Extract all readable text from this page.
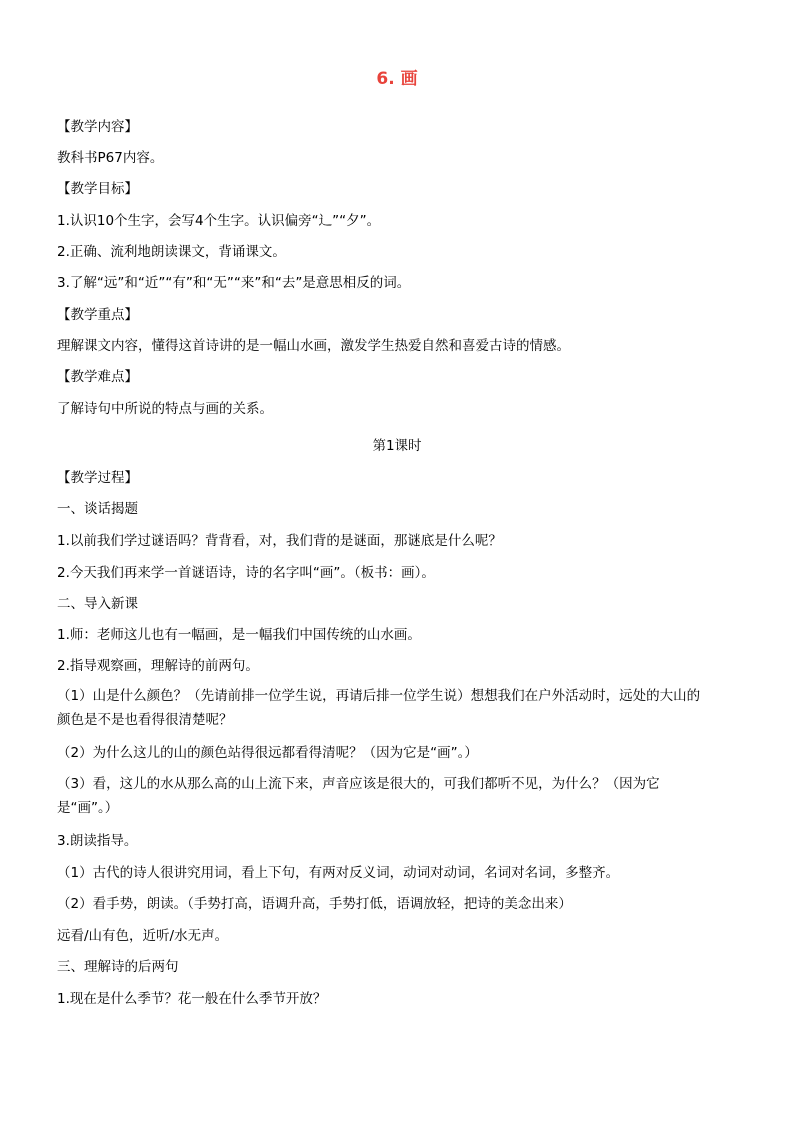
6. 画

【教学内容】

教科书P67内容。

【教学目标】

1.认识10个生字，会写4个生字。认识偏旁“辶”“夕”。

2.正确、流利地朗读课文，背诵课文。

3.了解“远”和“近”“有”和“无”“来”和“去”是意思相反的词。

【教学重点】

理解课文内容，懂得这首诗讲的是一幅山水画，激发学生热爱自然和喜爱古诗的情感。

【教学难点】

了解诗句中所说的特点与画的关系。

第1课时

【教学过程】

一、谈话揭题

1.以前我们学过谜语吗？背背看，对，我们背的是谜面，那谜底是什么呢？

2.今天我们再来学一首谜语诗，诗的名字叫“画”。（板书：画）。

二、导入新课

1.师：老师这儿也有一幅画，是一幅我们中国传统的山水画。

2.指导观察画，理解诗的前两句。

（1）山是什么颜色？（先请前排一位学生说，再请后排一位学生说）想想我们在户外活动时，远处的大山的颜色是不是也看得很清楚呢？

（2）为什么这儿的山的颜色站得很远都看得清呢？（因为它是“画”。）

（3）看，这儿的水从那么高的山上流下来，声音应该是很大的，可我们都听不见，为什么？（因为它是“画”。）

3.朗读指导。

（1）古代的诗人很讲究用词，看上下句，有两对反义词，动词对动词，名词对名词，多整齐。

（2）看手势，朗读。（手势打高，语调升高，手势打低，语调放轻，把诗的美念出来）

远看/山有色，近听/水无声。

三、理解诗的后两句

1.现在是什么季节？花一般在什么季节开放？
